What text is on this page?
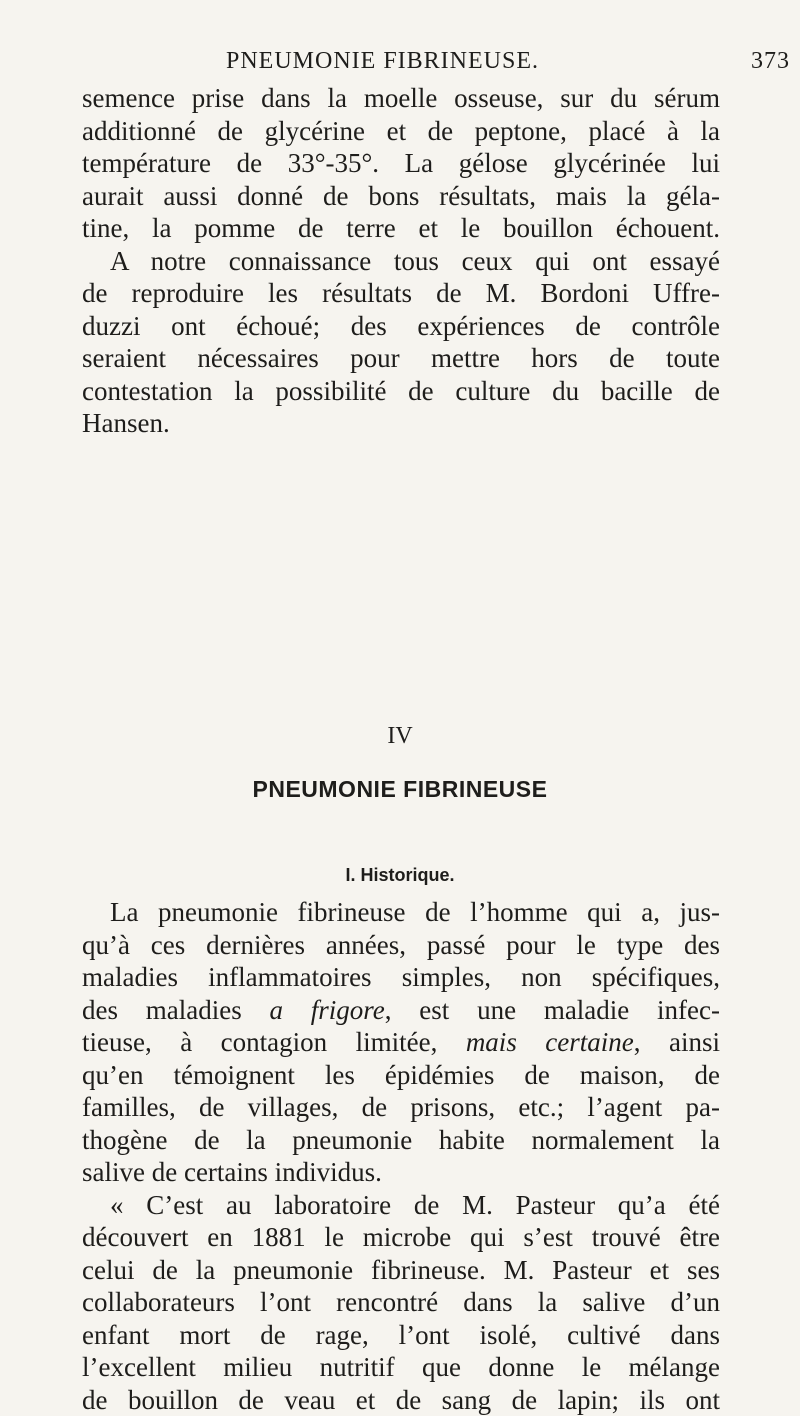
PNEUMONIE FIBRINEUSE.	373
semence prise dans la moelle osseuse, sur du sérum
additionné de glycérine et de peptone, placé à la
température de 33°-35°. La gélose glycérinée lui
aurait aussi donné de bons résultats, mais la géla-
tine, la pomme de terre et le bouillon échouent.
A notre connaissance tous ceux qui ont essayé
de reproduire les résultats de M. Bordoni Uffre-
duzzi ont échoué; des expériences de contrôle
seraient nécessaires pour mettre hors de toute
contestation la possibilité de culture du bacille de
Hansen.
IV
PNEUMONIE FIBRINEUSE
I. Historique.
La pneumonie fibrineuse de l’homme qui a, jus-
qu’à ces dernières années, passé pour le type des
maladies inflammatoires simples, non spécifiques,
des maladies a frigore, est une maladie infec-
tieuse, à contagion limitée, mais certaine, ainsi
qu’en témoignent les épidémies de maison, de
familles, de villages, de prisons, etc.; l’agent pa-
thogène de la pneumonie habite normalement la
salive de certains individus.
« C’est au laboratoire de M. Pasteur qu’a été
découvert en 1881 le microbe qui s’est trouvé être
celui de la pneumonie fibrineuse. M. Pasteur et ses
collaborateurs l’ont rencontré dans la salive d’un
enfant mort de rage, l’ont isolé, cultivé dans
l’excellent milieu nutritif que donne le mélange
de bouillon de veau et de sang de lapin; ils ont
